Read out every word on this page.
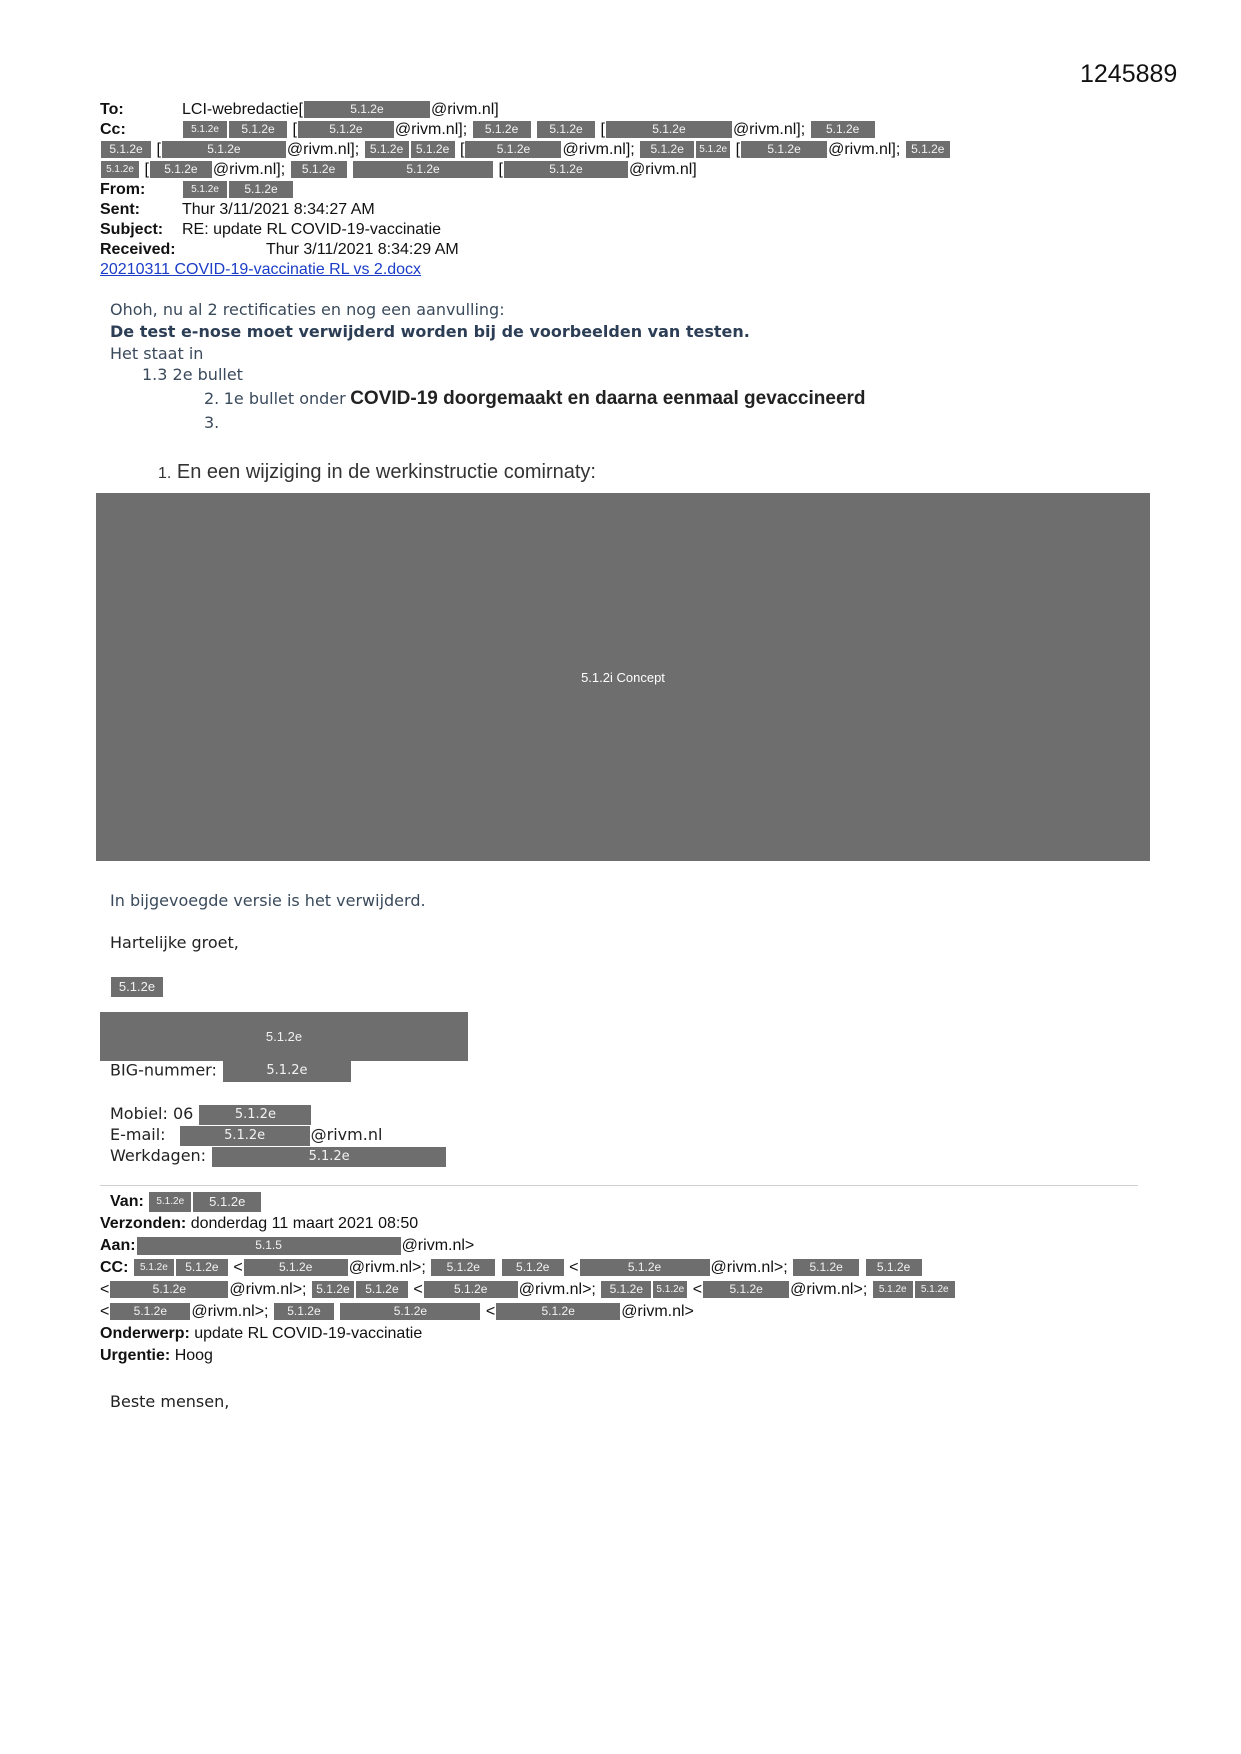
1245889
To:	LCI-webredactie[	5.1.2e	@rivm.nl]
Cc:	5.1.2e 5.1.2e [	5.1.2e @rivm.nl]; 5.1.2e	5.1.2e [	5.1.2e	@rivm.nl]; 5.1.2e
5.1.2e [	5.1.2e	@rivm.nl]; 5.1.2e 5.1.2e [	5.1.2e @rivm.nl]; 5.1.2e 5.1.2e [ 5.1.2e @rivm.nl]; 5.1.2e
5.1.2e [ 5.1.2e @rivm.nl]; 5.1.2e	5.1.2e	[	5.1.2e	@rivm.nl]
From:	5.1.2e 5.1.2e
Sent:	Thur 3/11/2021 8:34:27 AM
Subject: RE: update RL COVID-19-vaccinatie
Received:	Thur 3/11/2021 8:34:29 AM
20210311 COVID-19-vaccinatie RL vs 2.docx
Ohoh, nu al 2 rectificaties en nog een aanvulling:
De test e-nose moet verwijderd worden bij de voorbeelden van testen.
Het staat in
1.3 2e bullet
2. 1e bullet onder COVID-19 doorgemaakt en daarna eenmaal gevaccineerd
3.
1. En een wijziging in de werkinstructie comirnaty:
5.1.2i Concept
In bijgevoegde versie is het verwijderd.
Hartelijke groet,
5.1.2e
5.1.2e
BIG-nummer:	5.1.2e
Mobiel: 06	5.1.2e
E-mail:	5.1.2e	@rivm.nl
Werkdagen:	5.1.2e
Van: 5.1.2e 5.1.2e
Verzonden: donderdag 11 maart 2021 08:50
Aan:	5.1.5	@rivm.nl>
CC: 5.1.2e 5.1.2e <	5.1.2e @rivm.nl>; 5.1.2e	5.1.2e <	5.1.2e	@rivm.nl>; 5.1.2e	5.1.2e
<	5.1.2e	@rivm.nl>; 5.1.2e 5.1.2e <	5.1.2e @rivm.nl>; 5.1.2e 5.1.2e < 5.1.2e @rivm.nl>; 5.1.2e 5.1.2e
< 5.1.2e @rivm.nl>; 5.1.2e	5.1.2e	<	5.1.2e	@rivm.nl>
Onderwerp: update RL COVID-19-vaccinatie
Urgentie: Hoog
Beste mensen,
